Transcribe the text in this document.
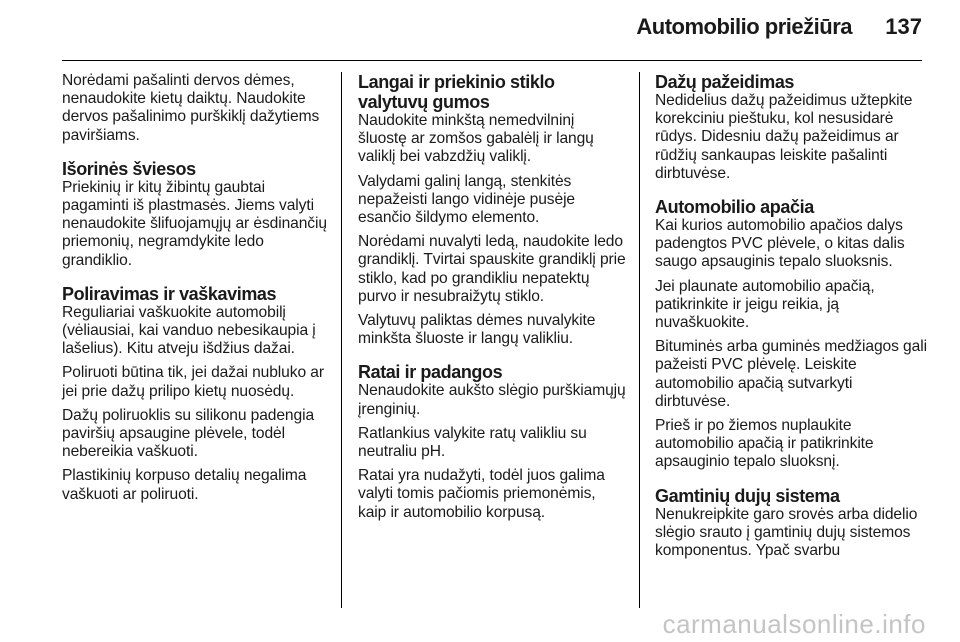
Automobilio priežiūra 137

Norėdami pašalinti dervos dėmes, nenaudokite kietų daiktų. Naudokite dervos pašalinimo purškiklį dažytiems paviršiams.

Išorinės šviesos

Priekinių ir kitų žibintų gaubtai pagaminti iš plastmasės. Jiems valyti nenaudokite šlifuojamųjų ar ėsdinančių priemonių, negramdykite ledo grandiklio.

Poliravimas ir vaškavimas

Reguliariai vaškuokite automobilį (vėliausiai, kai vanduo nebesikaupia į lašelius). Kitu atveju išdžius dažai.

Poliruoti būtina tik, jei dažai nubluko ar jei prie dažų prilipo kietų nuosėdų.

Dažų poliruoklis su silikonu padengia paviršių apsaugine plėvele, todėl nebereikia vaškuoti.

Plastikinių korpuso detalių negalima vaškuoti ar poliruoti.

Langai ir priekinio stiklo valytuvų gumos

Naudokite minkštą nemedvilninį šluostę ar zomšos gabalėlį ir langų valiklį bei vabzdžių valiklį.

Valydami galinį langą, stenkitės nepažeisti lango vidinėje pusėje esančio šildymo elemento.

Norėdami nuvalyti ledą, naudokite ledo grandiklį. Tvirtai spauskite grandiklį prie stiklo, kad po grandikliu nepatektų purvo ir nesubraižytų stiklo.

Valytuvų paliktas dėmes nuvalykite minkšta šluoste ir langų valikliu.

Ratai ir padangos

Nenaudokite aukšto slėgio purškiamųjų įrenginių.

Ratlankius valykite ratų valikliu su neutraliu pH.

Ratai yra nudažyti, todėl juos galima valyti tomis pačiomis priemonėmis, kaip ir automobilio korpusą.

Dažų pažeidimas

Nedidelius dažų pažeidimus užtepkite korekciniu pieštuku, kol nesusidarė rūdys. Didesniu dažų pažeidimus ar rūdžių sankaupas leiskite pašalinti dirbtuvėse.

Automobilio apačia

Kai kurios automobilio apačios dalys padengtos PVC plėvele, o kitas dalis saugo apsauginis tepalo sluoksnis.

Jei plaunate automobilio apačią, patikrinkite ir jeigu reikia, ją nuvaškuokite.

Bituminės arba guminės medžiagos gali pažeisti PVC plėvelę. Leiskite automobilio apačią sutvarkyti dirbtuvėse.

Prieš ir po žiemos nuplaukite automobilio apačią ir patikrinkite apsauginio tepalo sluoksnį.

Gamtinių dujų sistema

Nenukreipkite garo srovės arba didelio slėgio srauto į gamtinių dujų sistemos komponentus. Ypač svarbu

carmanualsonline.info
